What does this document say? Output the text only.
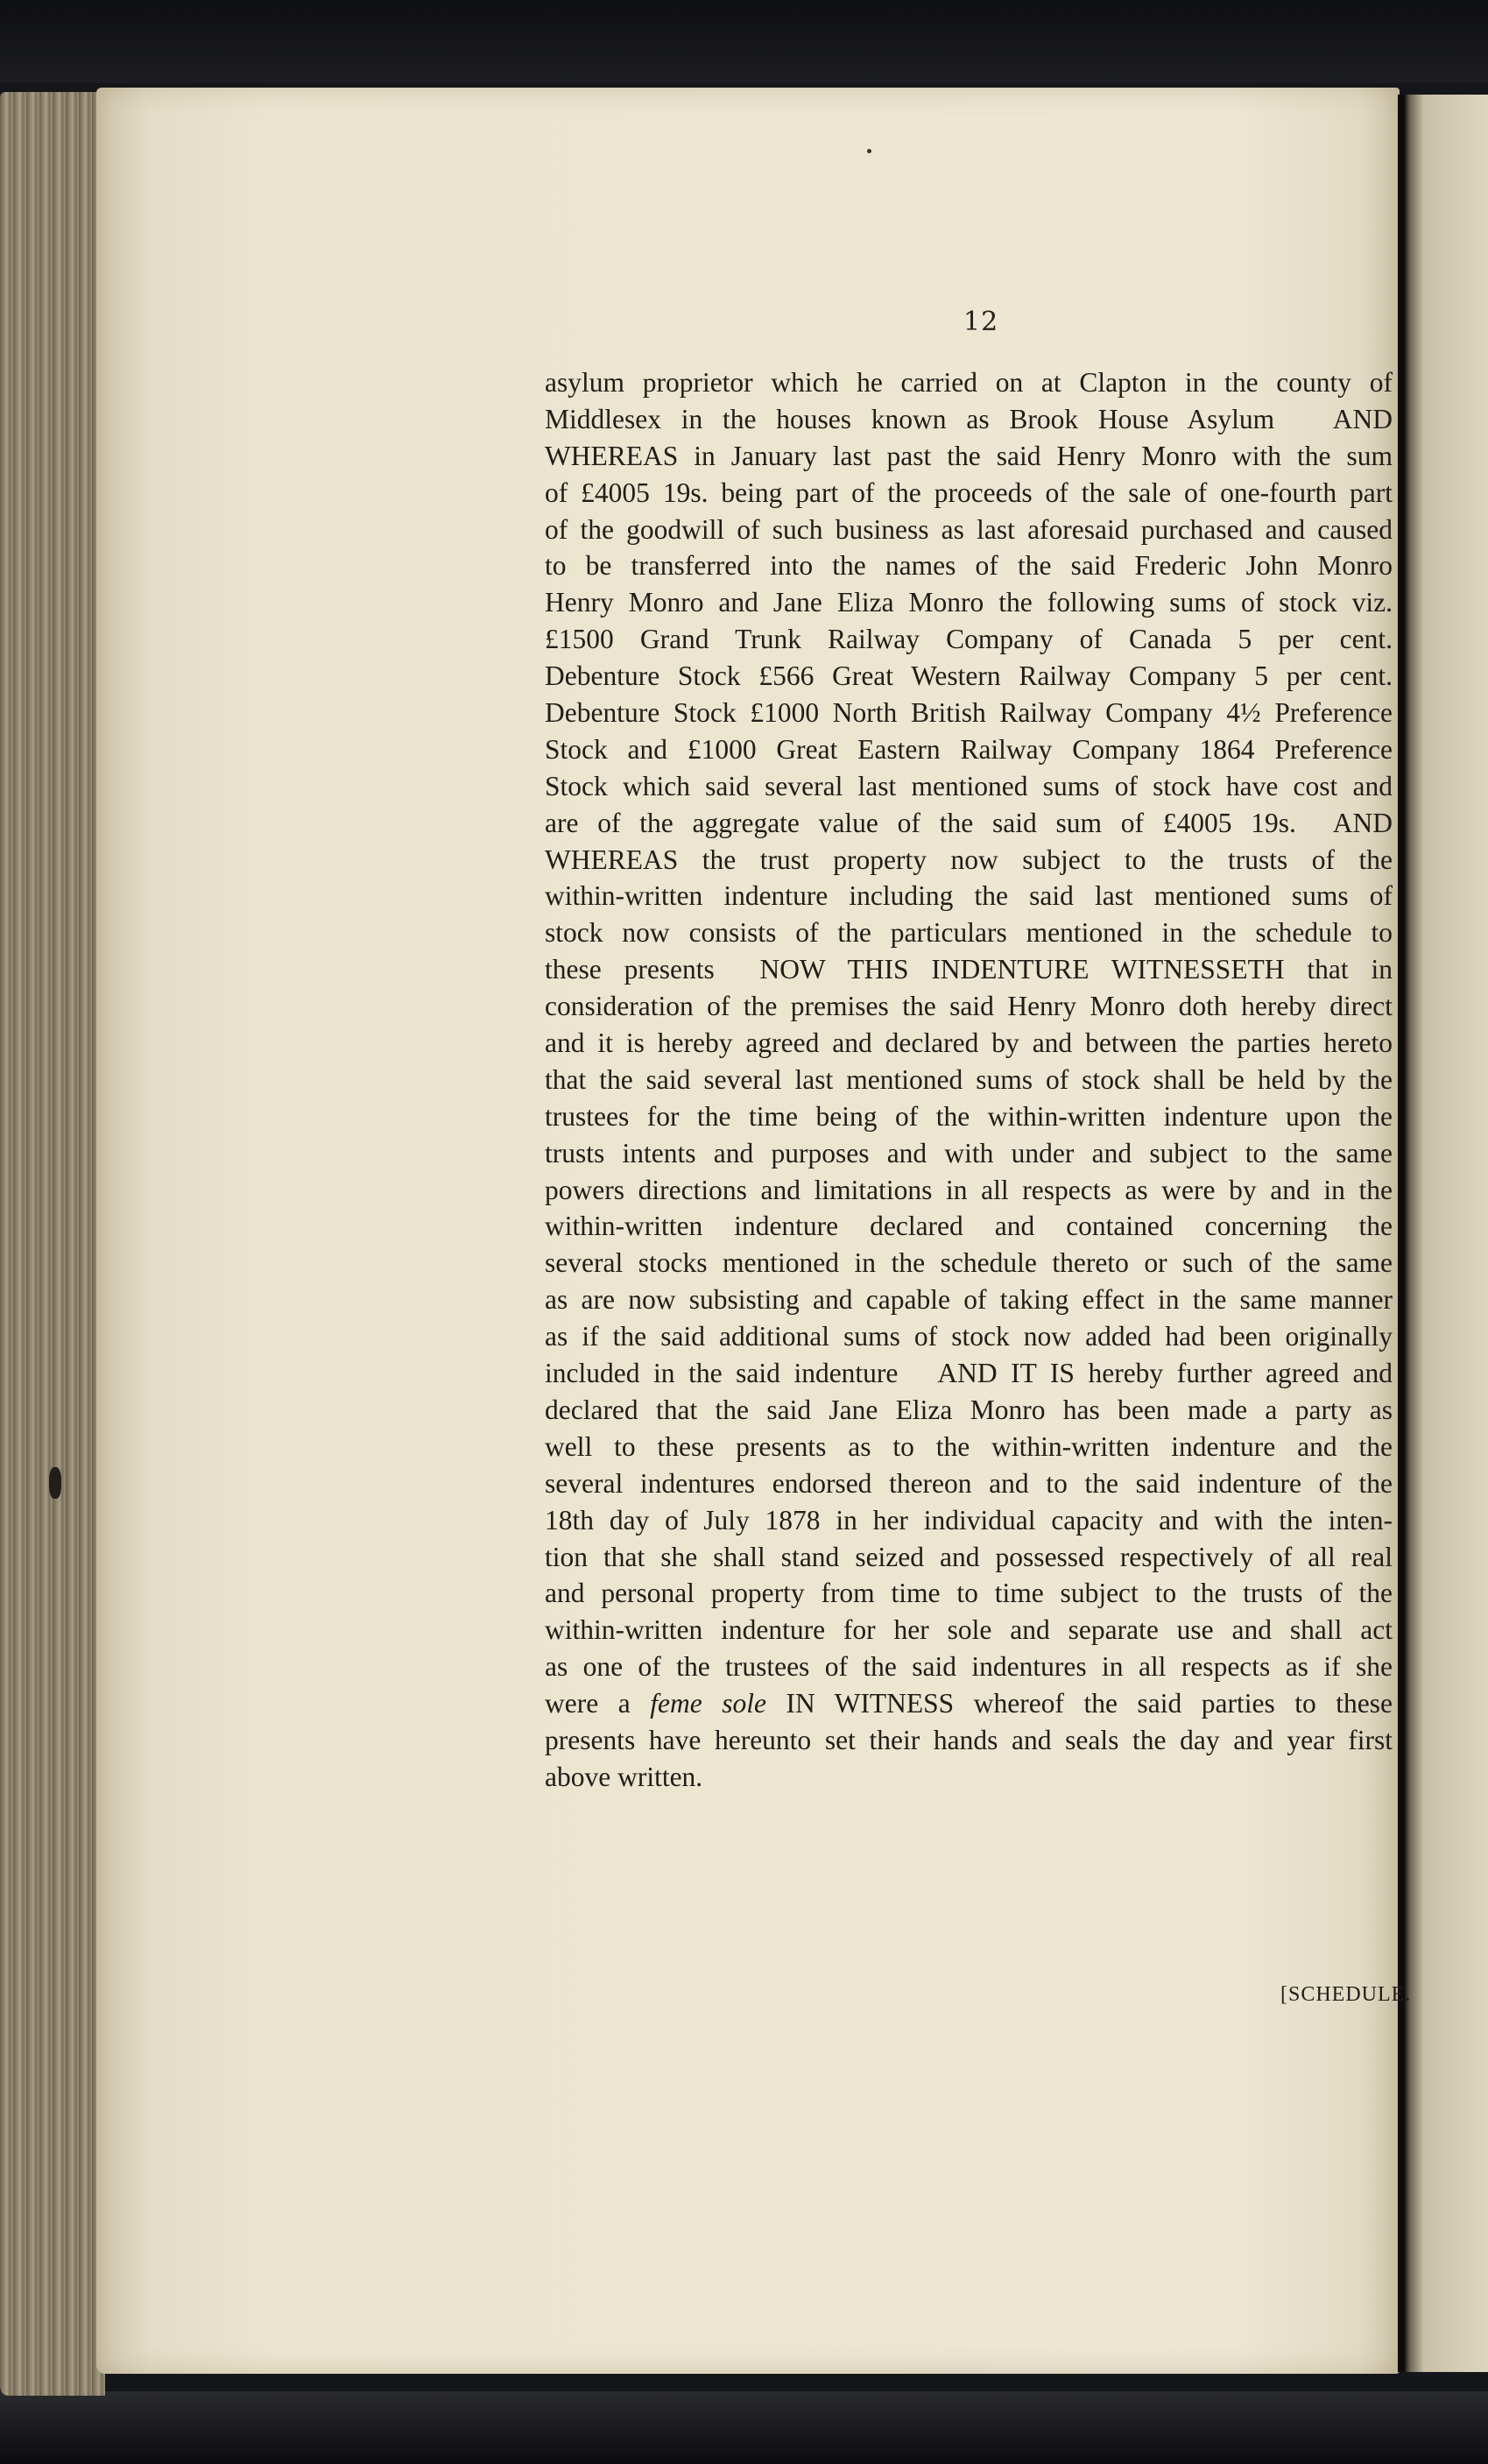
12
asylum proprietor which he carried on at Clapton in the county of
Middlesex in the houses known as Brook House Asylum   AND
WHEREAS in January last past the said Henry Monro with the sum
of £4005 19s. being part of the proceeds of the sale of one-fourth part
of the goodwill of such business as last aforesaid purchased and caused
to be transferred into the names of the said Frederic John Monro
Henry Monro and Jane Eliza Monro the following sums of stock viz.
£1500 Grand Trunk Railway Company of Canada 5 per cent.
Debenture Stock £566 Great Western Railway Company 5 per cent.
Debenture Stock £1000 North British Railway Company 4½ Preference
Stock and £1000 Great Eastern Railway Company 1864 Preference
Stock which said several last mentioned sums of stock have cost and
are of the aggregate value of the said sum of £4005 19s.  AND
WHEREAS the trust property now subject to the trusts of the
within-written indenture including the said last mentioned sums of
stock now consists of the particulars mentioned in the schedule to
these presents  NOW THIS INDENTURE WITNESSETH that in
consideration of the premises the said Henry Monro doth hereby direct
and it is hereby agreed and declared by and between the parties hereto
that the said several last mentioned sums of stock shall be held by the
trustees for the time being of the within-written indenture upon the
trusts intents and purposes and with under and subject to the same
powers directions and limitations in all respects as were by and in the
within-written indenture declared and contained concerning the
several stocks mentioned in the schedule thereto or such of the same
as are now subsisting and capable of taking effect in the same manner
as if the said additional sums of stock now added had been originally
included in the said indenture   AND IT IS hereby further agreed and
declared that the said Jane Eliza Monro has been made a party as
well to these presents as to the within-written indenture and the
several indentures endorsed thereon and to the said indenture of the
18th day of July 1878 in her individual capacity and with the inten-
tion that she shall stand seized and possessed respectively of all real
and personal property from time to time subject to the trusts of the
within-written indenture for her sole and separate use and shall act
as one of the trustees of the said indentures in all respects as if she
were a feme sole IN WITNESS whereof the said parties to these
presents have hereunto set their hands and seals the day and year first
above written.
[SCHEDULE.
